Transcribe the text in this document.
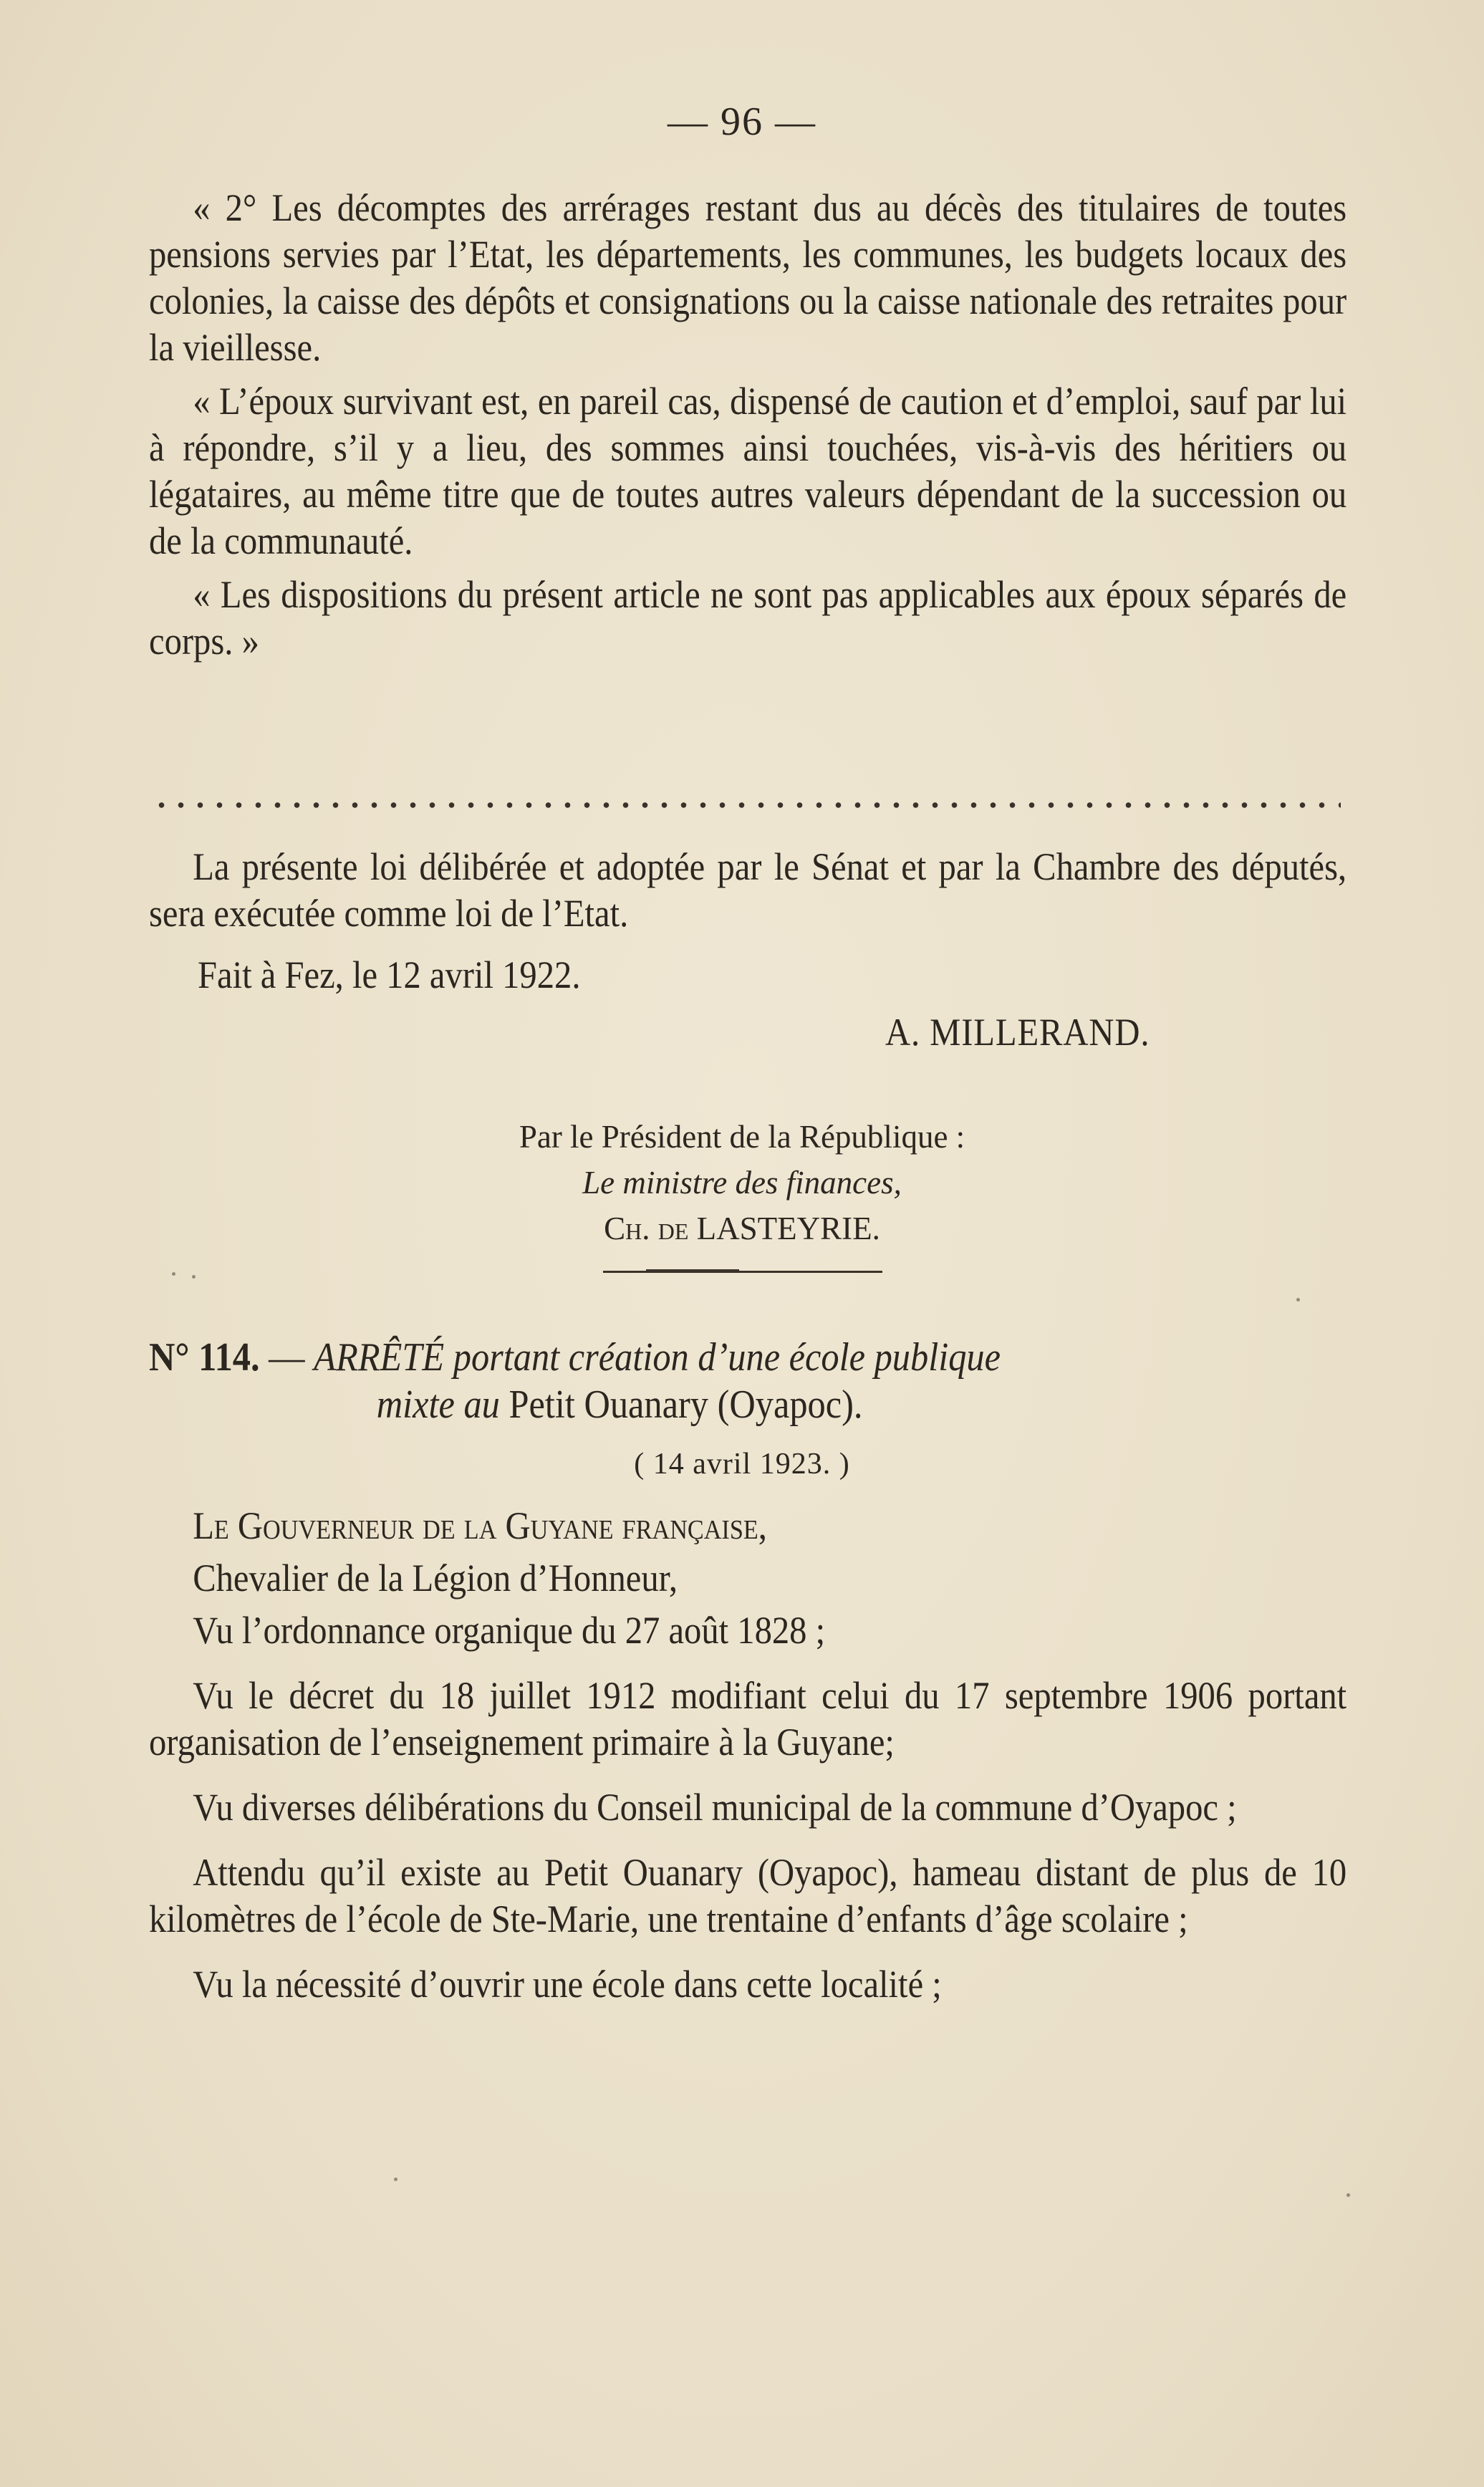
— 96 —

« 2° Les décomptes des arrérages restant dus au décès des titulaires de toutes pensions servies par l’Etat, les départements, les communes, les budgets locaux des colonies, la caisse des dépôts et consignations ou la caisse nationale des retraites pour la vieillesse.

« L’époux survivant est, en pareil cas, dispensé de caution et d’emploi, sauf par lui à répondre, s’il y a lieu, des sommes ainsi touchées, vis-à-vis des héritiers ou légataires, au même titre que de toutes autres valeurs dépendant de la succession ou de la communauté.

« Les dispositions du présent article ne sont pas applicables aux époux séparés de corps. »

La présente loi délibérée et adoptée par le Sénat et par la Chambre des députés, sera exécutée comme loi de l’Etat.

Fait à Fez, le 12 avril 1922.
A. MILLERAND.
Par le Président de la République :
Le ministre des finances,
Ch. de LASTEYRIE.
N° 114. — ARRÊTÉ portant création d’une école publique
mixte au Petit Ouanary (Oyapoc).
( 14 avril 1923. )

Le Gouverneur de la Guyane française,

Chevalier de la Légion d’Honneur,

Vu l’ordonnance organique du 27 août 1828 ;

Vu le décret du 18 juillet 1912 modifiant celui du 17 septembre 1906 portant organisation de l’enseignement primaire à la Guyane;

Vu diverses délibérations du Conseil municipal de la commune d’Oyapoc ;

Attendu qu’il existe au Petit Ouanary (Oyapoc), hameau distant de plus de 10 kilomètres de l’école de Ste-Marie, une trentaine d’enfants d’âge scolaire ;

Vu la nécessité d’ouvrir une école dans cette localité ;
